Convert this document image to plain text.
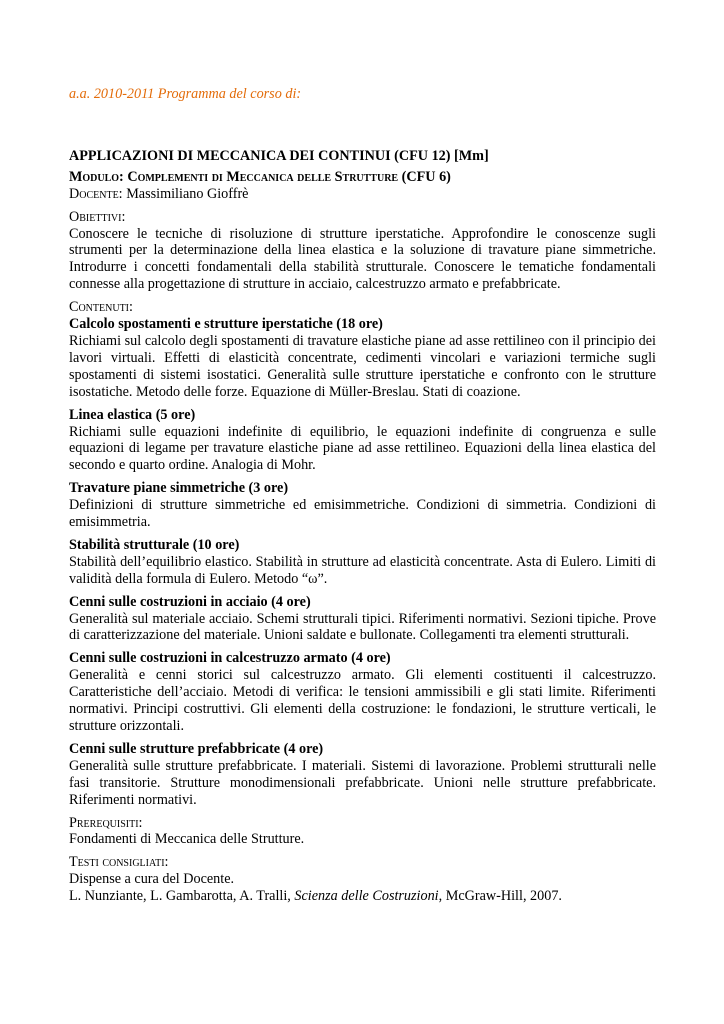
a.a. 2010-2011 Programma del corso di:

APPLICAZIONI DI MECCANICA DEI CONTINUI (CFU 12) [Mm]

Modulo: Complementi di Meccanica delle Strutture (CFU 6)

Docente: Massimiliano Gioffrè

Obiettivi:

Conoscere le tecniche di risoluzione di strutture iperstatiche. Approfondire le conoscenze sugli strumenti per la determinazione della linea elastica e la soluzione di travature piane simmetriche. Introdurre i concetti fondamentali della stabilità strutturale. Conoscere le tematiche fondamentali connesse alla progettazione di strutture in acciaio, calcestruzzo armato e prefabbricate.

Contenuti:

Calcolo spostamenti e strutture iperstatiche (18 ore)

Richiami sul calcolo degli spostamenti di travature elastiche piane ad asse rettilineo con il principio dei lavori virtuali. Effetti di elasticità concentrate, cedimenti vincolari e variazioni termiche sugli spostamenti di sistemi isostatici. Generalità sulle strutture iperstatiche e confronto con le strutture isostatiche. Metodo delle forze. Equazione di Müller-Breslau. Stati di coazione.

Linea elastica (5 ore)

Richiami sulle equazioni indefinite di equilibrio, le equazioni indefinite di congruenza e sulle equazioni di legame per travature elastiche piane ad asse rettilineo. Equazioni della linea elastica del secondo e quarto ordine. Analogia di Mohr.

Travature piane simmetriche (3 ore)

Definizioni di strutture simmetriche ed emisimmetriche. Condizioni di simmetria. Condizioni di emisimmetria.

Stabilità strutturale (10 ore)

Stabilità dell’equilibrio elastico. Stabilità in strutture ad elasticità concentrate. Asta di Eulero. Limiti di validità della formula di Eulero. Metodo “ω”.

Cenni sulle costruzioni in acciaio (4 ore)

Generalità sul materiale acciaio. Schemi strutturali tipici. Riferimenti normativi. Sezioni tipiche. Prove di caratterizzazione del materiale. Unioni saldate e bullonate. Collegamenti tra elementi strutturali.

Cenni sulle costruzioni in calcestruzzo armato (4 ore)

Generalità e cenni storici sul calcestruzzo armato. Gli elementi costituenti il calcestruzzo. Caratteristiche dell’acciaio. Metodi di verifica: le tensioni ammissibili e gli stati limite. Riferimenti normativi. Principi costruttivi. Gli elementi della costruzione: le fondazioni, le strutture verticali, le strutture orizzontali.

Cenni sulle strutture prefabbricate (4 ore)

Generalità sulle strutture prefabbricate. I materiali. Sistemi di lavorazione. Problemi strutturali nelle fasi transitorie. Strutture monodimensionali prefabbricate. Unioni nelle strutture prefabbricate. Riferimenti normativi.

Prerequisiti:

Fondamenti di Meccanica delle Strutture.

Testi consigliati:

Dispense a cura del Docente.

L. Nunziante, L. Gambarotta, A. Tralli, Scienza delle Costruzioni, McGraw-Hill, 2007.
